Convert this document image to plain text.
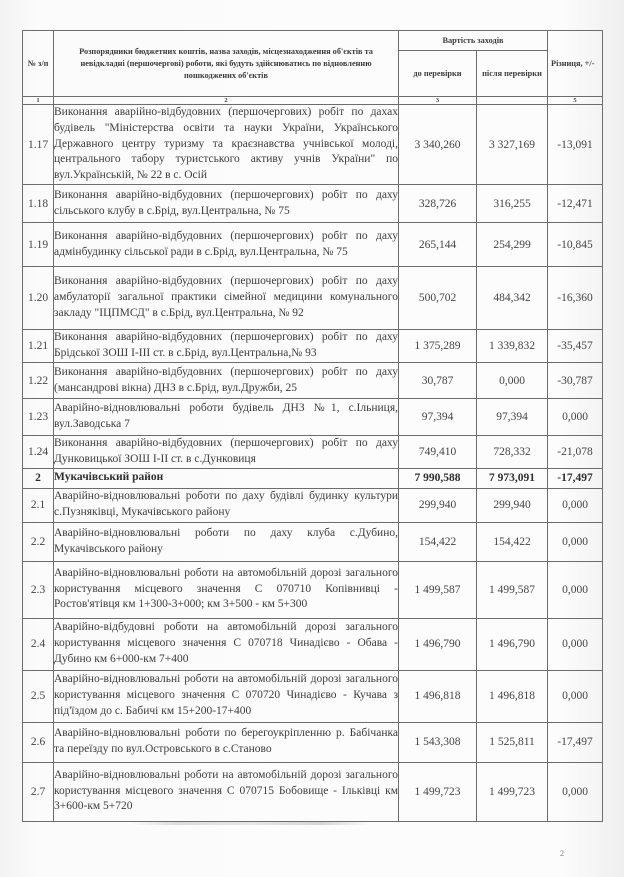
№ з/п	Розпорядники бюджетних коштів, назва заходів, місцезнаходження об'єктів та невідкладні (першочергові) роботи, які будуть здійснюватись по відновленню пошкоджених об'єктів	Вартість заходів		Різниця, +/-
		до перевірки	після перевірки	
1	2	3		5
1.17	Виконання аварійно-відбудовних (першочергових) робіт по дахах будівель "Міністерства освіти та науки України, Українського Державного центру туризму та краєзнавства учнівської молоді, центрального табору туристського активу учнів України" по вул.Українській, № 22 в с. Осій	3 340,260	3 327,169	-13,091
1.18	Виконання аварійно-відбудовних (першочергових) робіт по даху сільського клубу в с.Брід, вул.Центральна, № 75	328,726	316,255	-12,471
1.19	Виконання аварійно-відбудовних (першочергових) робіт по даху адмінбудинку сільської ради в с.Брід, вул.Центральна, № 75	265,144	254,299	-10,845
1.20	Виконання аварійно-відбудовних (першочергових) робіт по даху амбулаторії загальної практики сімейної медицини комунального закладу "ІЦПМСД" в с.Брід, вул.Центральна, № 92	500,702	484,342	-16,360
1.21	Виконання аварійно-відбудовних (першочергових) робіт по даху Брідської ЗОШ І-ІІІ ст. в с.Брід, вул.Центральна,№ 93	1 375,289	1 339,832	-35,457
1.22	Виконання аварійно-відбудовних (першочергових) робіт по даху (мансандрові вікна) ДНЗ в с.Брід, вул.Дружби, 25	30,787	0,000	-30,787
1.23	Аварійно-відновлювальні роботи будівель ДНЗ №1, с.Ільниця, вул.Заводська 7	97,394	97,394	0,000
1.24	Виконання аварійно-відбудовних (першочергових) робіт по даху Дунковицької ЗОШ І-ІІ ст. в с.Дунковиця	749,410	728,332	-21,078
2	Мукачівський район	7 990,588	7 973,091	-17,497
2.1	Аварійно-відновлювальні роботи по даху будівлі будинку культури с.Пузняківці, Мукачівського району	299,940	299,940	0,000
2.2	Аварійно-відновлювальні роботи по даху клуба с.Дубино, Мукачівського району	154,422	154,422	0,000
2.3	Аварійно-відновлювальні роботи на автомобільній дорозі загального користування місцевого значення С 070710 Копівнивці - Ростов'ятівця км 1+300-3+000; км 3+500 - км 5+300	1 499,587	1 499,587	0,000
2.4	Аварійно-відбудовні роботи на автомобільній дорозі загального користування місцевого значення С 070718 Чинадієво - Обава - Дубино км 6+000-км 7+400	1 496,790	1 496,790	0,000
2.5	Аварійно-відновлювальні роботи на автомобільній дорозі загального користування місцевого значення С 070720 Чинадієво - Кучава з під'їздом до с. Бабичі км 15+200-17+400	1 496,818	1 496,818	0,000
2.6	Аварійно-відновлювальні роботи по берегоукріпленню р. Бабічанка та переїзду по вул.Островського в с.Станово	1 543,308	1 525,811	-17,497
2.7	Аварійно-відновлювальні роботи на автомобільній дорозі загального користування місцевого значення С 070715 Бобовище - Ільківці км 3+600-км 5+720	1 499,723	1 499,723	0,000
2
